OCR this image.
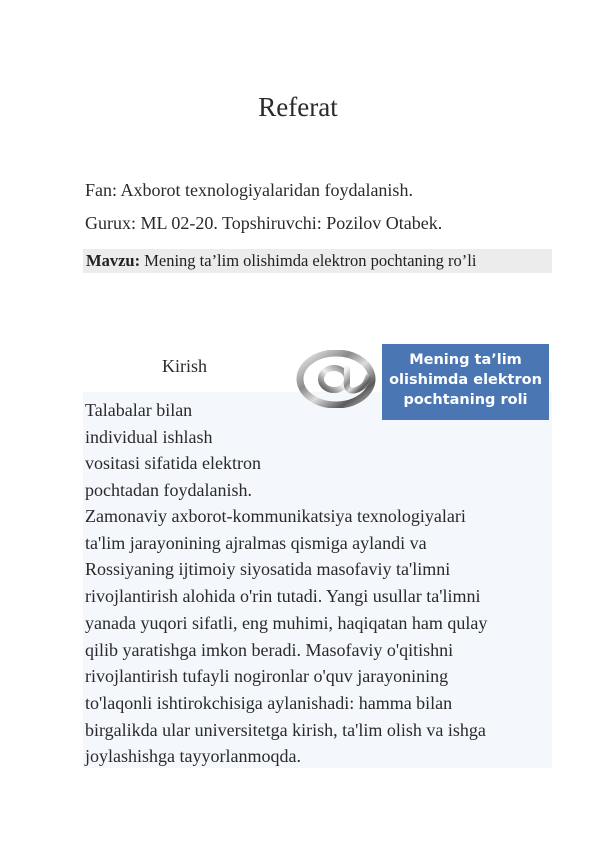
Referat
Fan: Axborot texnologiyalaridan foydalanish.
Gurux: ML 02-20. Topshiruvchi: Pozilov Otabek.
Mavzu: Mening ta’lim olishimda elektron pochtaning ro’li
Kirish	Mening ta’lim
olishimda elektron
pochtaning roli
Talabalar bilan
individual ishlash
vositasi sifatida elektron
pochtadan foydalanish.
Zamonaviy axborot-kommunikatsiya texnologiyalari
ta'lim jarayonining ajralmas qismiga aylandi va
Rossiyaning ijtimoiy siyosatida masofaviy ta'limni
rivojlantirish alohida o'rin tutadi. Yangi usullar ta'limni
yanada yuqori sifatli, eng muhimi, haqiqatan ham qulay
qilib yaratishga imkon beradi. Masofaviy o'qitishni
rivojlantirish tufayli nogironlar o'quv jarayonining
to'laqonli ishtirokchisiga aylanishadi: hamma bilan
birgalikda ular universitetga kirish, ta'lim olish va ishga
joylashishga tayyorlanmoqda.
